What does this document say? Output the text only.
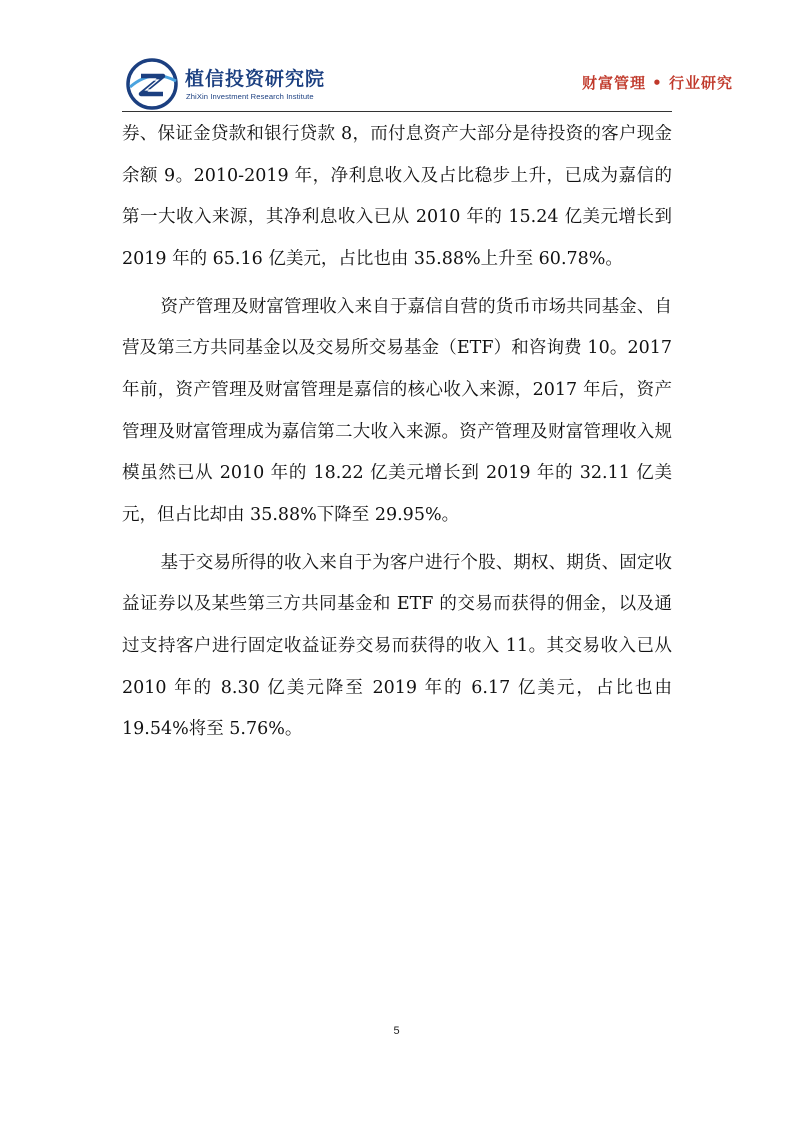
植信投资研究院
ZhiXin Investment Research Institute
财富管理 • 行业研究

券、保证金贷款和银行贷款 8，而付息资产大部分是待投资的客户现金余额 9。2010-2019 年，净利息收入及占比稳步上升，已成为嘉信的第一大收入来源，其净利息收入已从 2010 年的 15.24 亿美元增长到 2019 年的 65.16 亿美元，占比也由 35.88%上升至 60.78%。

资产管理及财富管理收入来自于嘉信自营的货币市场共同基金、自营及第三方共同基金以及交易所交易基金（ETF）和咨询费 10。2017 年前，资产管理及财富管理是嘉信的核心收入来源，2017 年后，资产管理及财富管理成为嘉信第二大收入来源。资产管理及财富管理收入规模虽然已从 2010 年的 18.22 亿美元增长到 2019 年的 32.11 亿美元，但占比却由 35.88%下降至 29.95%。

基于交易所得的收入来自于为客户进行个股、期权、期货、固定收益证券以及某些第三方共同基金和 ETF 的交易而获得的佣金，以及通过支持客户进行固定收益证券交易而获得的收入 11。其交易收入已从 2010 年的 8.30 亿美元降至 2019 年的 6.17 亿美元，占比也由 19.54%将至 5.76%。

5
